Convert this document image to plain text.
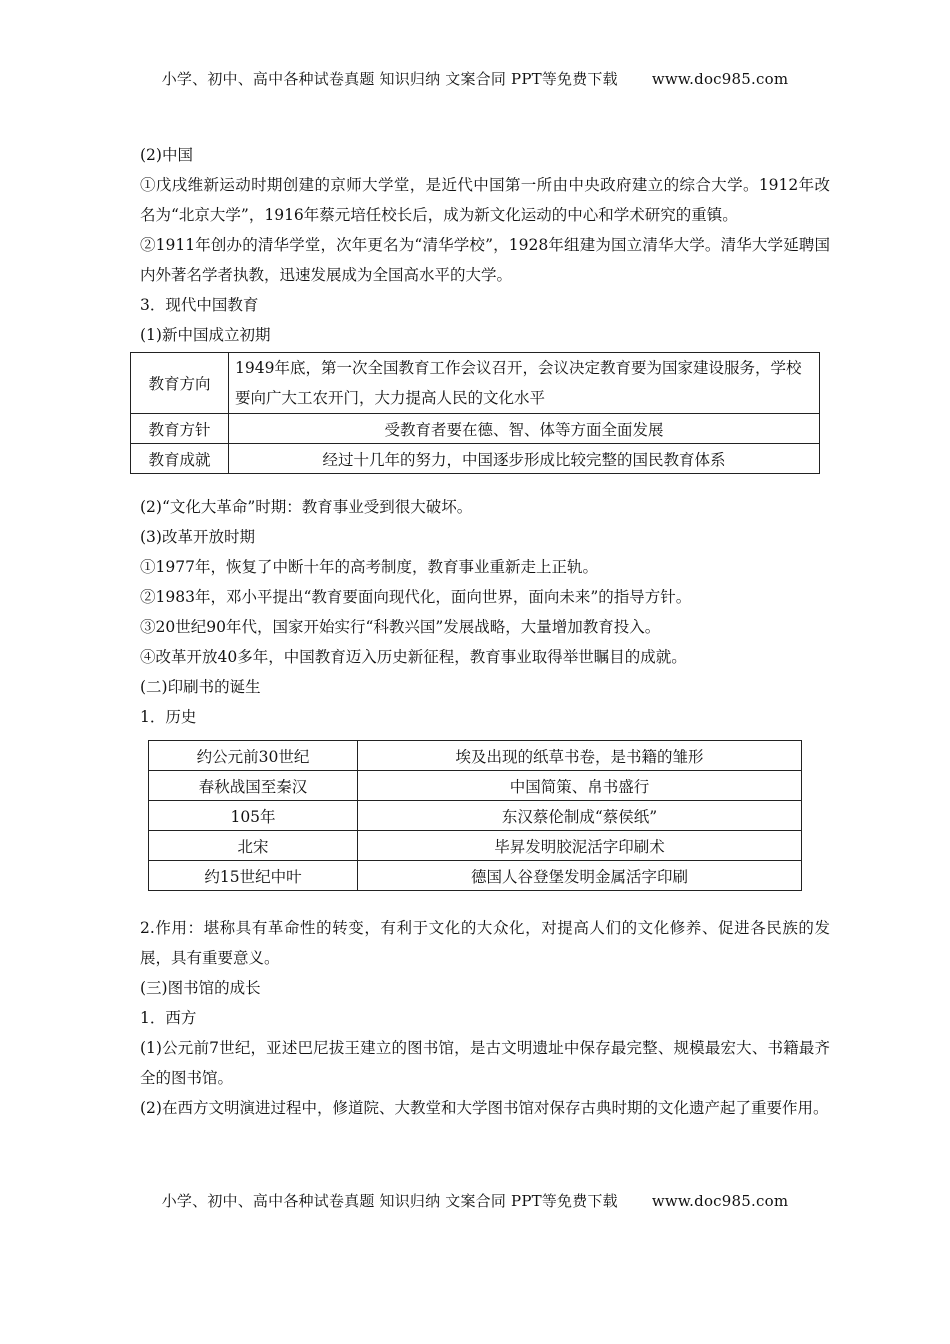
小学、初中、高中各种试卷真题 知识归纳 文案合同 PPT等免费下载 www.doc985.com
(2)中国
①戊戌维新运动时期创建的京师大学堂，是近代中国第一所由中央政府建立的综合大学。1912年改名为“北京大学”，1916年蔡元培任校长后，成为新文化运动的中心和学术研究的重镇。
②1911年创办的清华学堂，次年更名为“清华学校”，1928年组建为国立清华大学。清华大学延聘国内外著名学者执教，迅速发展成为全国高水平的大学。
3．现代中国教育
(1)新中国成立初期
教育方向	1949年底，第一次全国教育工作会议召开，会议决定教育要为国家建设服务，学校要向广大工农开门，大力提高人民的文化水平
教育方针	受教育者要在德、智、体等方面全面发展
教育成就	经过十几年的努力，中国逐步形成比较完整的国民教育体系
(2)“文化大革命”时期：教育事业受到很大破坏。
(3)改革开放时期
①1977年，恢复了中断十年的高考制度，教育事业重新走上正轨。
②1983年，邓小平提出“教育要面向现代化，面向世界，面向未来”的指导方针。
③20世纪90年代，国家开始实行“科教兴国”发展战略，大量增加教育投入。
④改革开放40多年，中国教育迈入历史新征程，教育事业取得举世瞩目的成就。
(二)印刷书的诞生
1．历史
约公元前30世纪	埃及出现的纸草书卷，是书籍的雏形
春秋战国至秦汉	中国简策、帛书盛行
105年	东汉蔡伦制成“蔡侯纸”
北宋	毕昇发明胶泥活字印刷术
约15世纪中叶	德国人谷登堡发明金属活字印刷
2.作用：堪称具有革命性的转变，有利于文化的大众化，对提高人们的文化修养、促进各民族的发展，具有重要意义。
(三)图书馆的成长
1．西方
(1)公元前7世纪，亚述巴尼拔王建立的图书馆，是古文明遗址中保存最完整、规模最宏大、书籍最齐全的图书馆。
(2)在西方文明演进过程中，修道院、大教堂和大学图书馆对保存古典时期的文化遗产起了重要作用。
小学、初中、高中各种试卷真题 知识归纳 文案合同 PPT等免费下载 www.doc985.com
